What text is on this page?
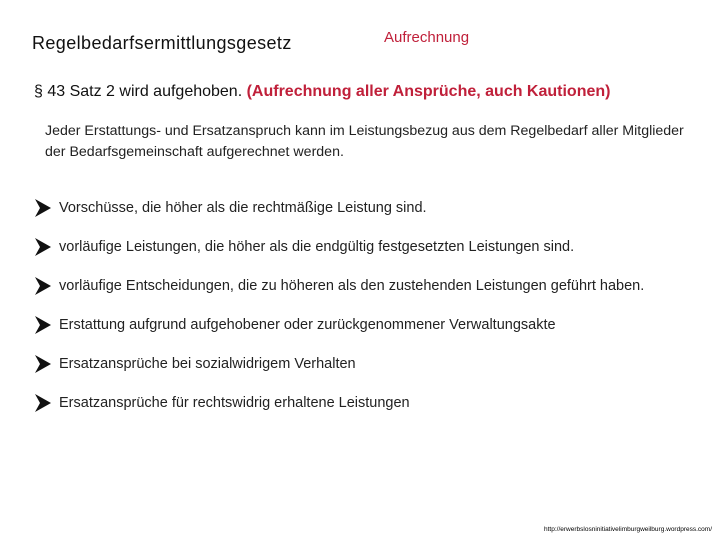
Regelbedarfsermittlungsgesetz	Aufrechnung
§ 43 Satz 2 wird aufgehoben. (Aufrechnung aller Ansprüche, auch Kautionen)
Jeder Erstattungs- und Ersatzanspruch kann im Leistungsbezug aus dem Regelbedarf aller Mitglieder der Bedarfsgemeinschaft aufgerechnet werden.
Vorschüsse, die höher als die rechtmäßige Leistung sind.
vorläufige Leistungen, die höher als die endgültig festgesetzten Leistungen sind.
vorläufige Entscheidungen, die zu höheren als den zustehenden Leistungen geführt haben.
Erstattung aufgrund aufgehobener oder zurückgenommener Verwaltungsakte
Ersatzansprüche bei sozialwidrigem Verhalten
Ersatzansprüche für rechtswidrig erhaltene Leistungen
http://erwerbslosninitiativelimburgweilburg.wordpress.com/
